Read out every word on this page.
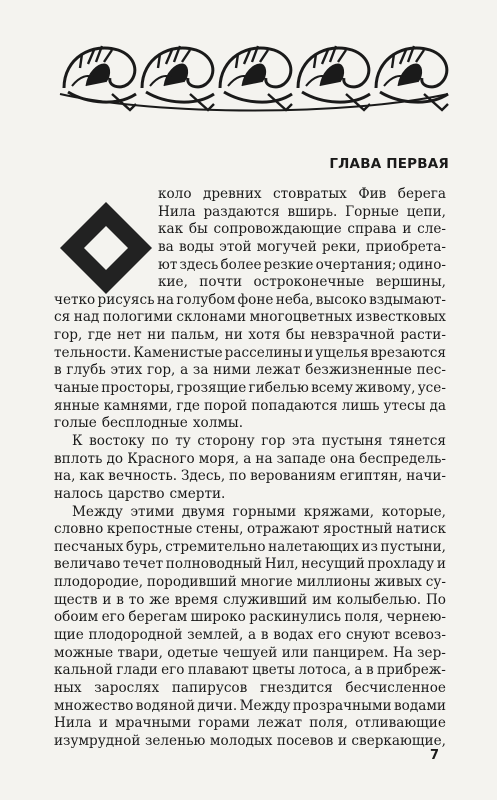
ГЛАВА ПЕРВАЯ
коло древних стовратых Фив берега
Нила раздаются вширь. Горные цепи,
как бы сопровождающие справа и сле-
ва воды этой могучей реки, приобрета-
ют здесь более резкие очертания; одино-
кие, почти остроконечные вершины,
четко рисуясь на голубом фоне неба, высоко вздымают-
ся над пологими склонами многоцветных известковых
гор, где нет ни пальм, ни хотя бы невзрачной расти-
тельности. Каменистые расселины и ущелья врезаются
в глубь этих гор, а за ними лежат безжизненные пес-
чаные просторы, грозящие гибелью всему живому, усе-
янные камнями, где порой попадаются лишь утесы да
голые бесплодные холмы.
К востоку по ту сторону гор эта пустыня тянется
вплоть до Красного моря, а на западе она беспредель-
на, как вечность. Здесь, по верованиям египтян, начи-
налось царство смерти.
Между этими двумя горными кряжами, которые,
словно крепостные стены, отражают яростный натиск
песчаных бурь, стремительно налетающих из пустыни,
величаво течет полноводный Нил, несущий прохладу и
плодородие, породивший многие миллионы живых су-
ществ и в то же время служивший им колыбелью. По
обоим его берегам широко раскинулись поля, чернею-
щие плодородной землей, а в водах его снуют всевоз-
можные твари, одетые чешуей или панцирем. На зер-
кальной глади его плавают цветы лотоса, а в прибреж-
ных зарослях папирусов гнездится бесчисленное
множество водяной дичи. Между прозрачными водами
Нила и мрачными горами лежат поля, отливающие
изумрудной зеленью молодых посевов и сверкающие,
7
